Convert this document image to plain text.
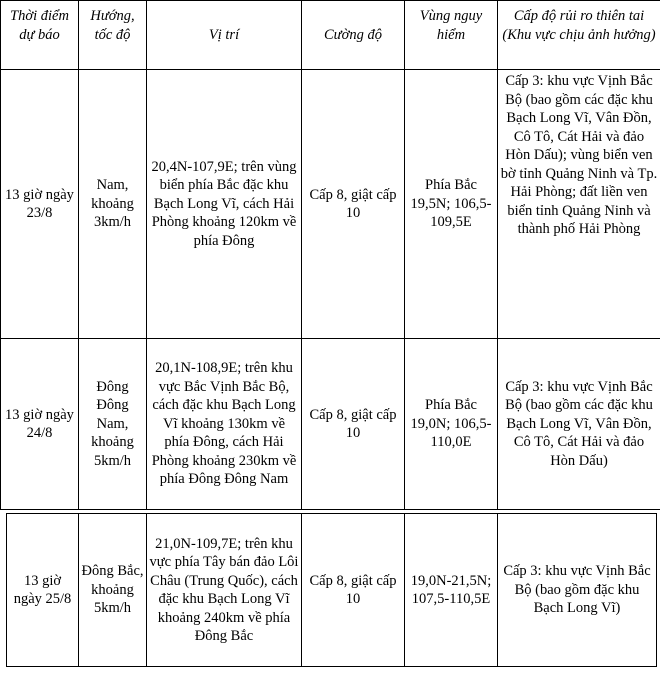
Thời điểm dự báo	Hướng, tốc độ	Vị trí	Cường độ	Vùng nguy hiểm	Cấp độ rủi ro thiên tai (Khu vực chịu ảnh hưởng)
13 giờ ngày 23/8	Nam, khoảng 3km/h	20,4N-107,9E; trên vùng biển phía Bắc đặc khu Bạch Long Vĩ, cách Hải Phòng khoảng 120km về phía Đông	Cấp 8, giật cấp 10	Phía Bắc 19,5N; 106,5-109,5E	Cấp 3: khu vực Vịnh Bắc Bộ (bao gồm các đặc khu Bạch Long Vĩ, Vân Đồn, Cô Tô, Cát Hải và đảo Hòn Dấu); vùng biển ven bờ tỉnh Quảng Ninh và Tp. Hải Phòng; đất liền ven biển tỉnh Quảng Ninh và thành phố Hải Phòng
13 giờ ngày 24/8	Đông Đông Nam, khoảng 5km/h	20,1N-108,9E; trên khu vực Bắc Vịnh Bắc Bộ, cách đặc khu Bạch Long Vĩ khoảng 130km về phía Đông, cách Hải Phòng khoảng 230km về phía Đông Đông Nam	Cấp 8, giật cấp 10	Phía Bắc 19,0N; 106,5-110,0E	Cấp 3: khu vực Vịnh Bắc Bộ (bao gồm các đặc khu Bạch Long Vĩ, Vân Đồn, Cô Tô, Cát Hải và đảo Hòn Dấu)
13 giờ ngày 25/8	Đông Bắc, khoảng 5km/h	21,0N-109,7E; trên khu vực phía Tây bán đảo Lôi Châu (Trung Quốc), cách đặc khu Bạch Long Vĩ khoảng 240km về phía Đông Bắc	Cấp 8, giật cấp 10	19,0N-21,5N; 107,5-110,5E	Cấp 3: khu vực Vịnh Bắc Bộ (bao gồm đặc khu Bạch Long Vĩ)
